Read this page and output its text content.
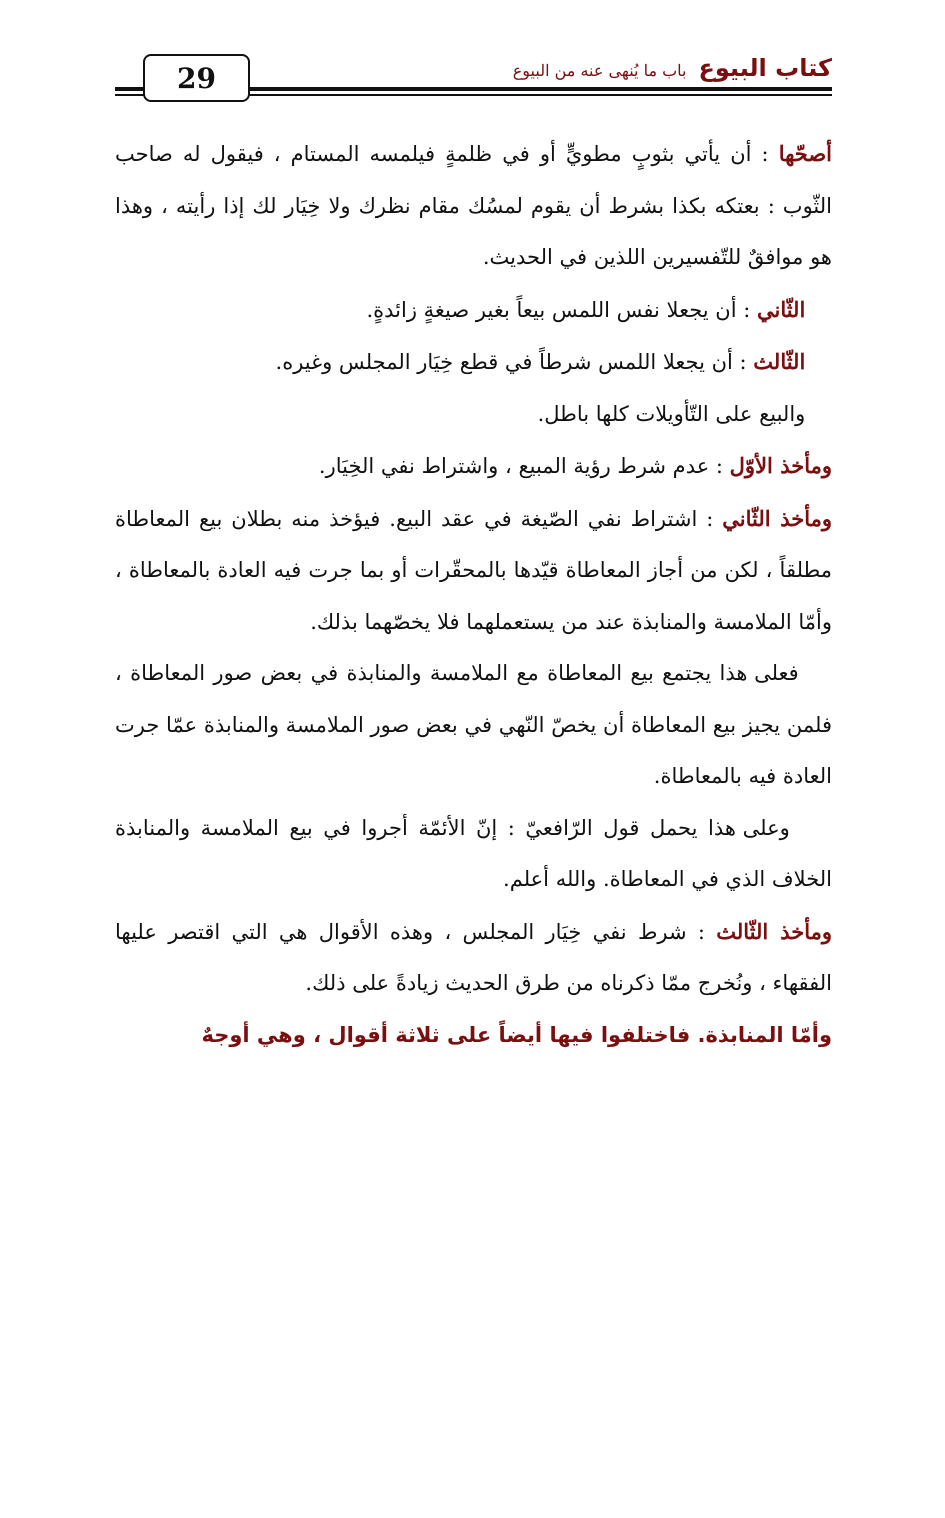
29	كتاب البيوع
باب ما يُنهى عنه من البيوع

أصحّها : أن يأتي بثوبٍ مطويٍّ أو في ظلمةٍ فيلمسه المستام ، فيقول له صاحب الثّوب : بعتكه بكذا بشرط أن يقوم لمسُك مقام نظرك ولا خِيَار لك إذا رأيته ، وهذا هو موافقٌ للتّفسيرين اللذين في الحديث.

الثّاني : أن يجعلا نفس اللمس بيعاً بغير صيغةٍ زائدةٍ.

الثّالث : أن يجعلا اللمس شرطاً في قطع خِيَار المجلس وغيره.

والبيع على التّأويلات كلها باطل.

ومأخذ الأوّل : عدم شرط رؤية المبيع ، واشتراط نفي الخِيَار.

ومأخذ الثّاني : اشتراط نفي الصّيغة في عقد البيع. فيؤخذ منه بطلان بيع المعاطاة مطلقاً ، لكن من أجاز المعاطاة قيّدها بالمحقّرات أو بما جرت فيه العادة بالمعاطاة ، وأمّا الملامسة والمنابذة عند من يستعملهما فلا يخصّهما بذلك.

فعلى هذا يجتمع بيع المعاطاة مع الملامسة والمنابذة في بعض صور المعاطاة ، فلمن يجيز بيع المعاطاة أن يخصّ النّهي في بعض صور الملامسة والمنابذة عمّا جرت العادة فيه بالمعاطاة.

وعلى هذا يحمل قول الرّافعيّ : إنّ الأئمّة أجروا في بيع الملامسة والمنابذة الخلاف الذي في المعاطاة. والله أعلم.

ومأخذ الثّالث : شرط نفي خِيَار المجلس ، وهذه الأقوال هي التي اقتصر عليها الفقهاء ، ونُخرج ممّا ذكرناه من طرق الحديث زيادةً على ذلك.

وأمّا المنابذة. فاختلفوا فيها أيضاً على ثلاثة أقوال ، وهي أوجهٌ
